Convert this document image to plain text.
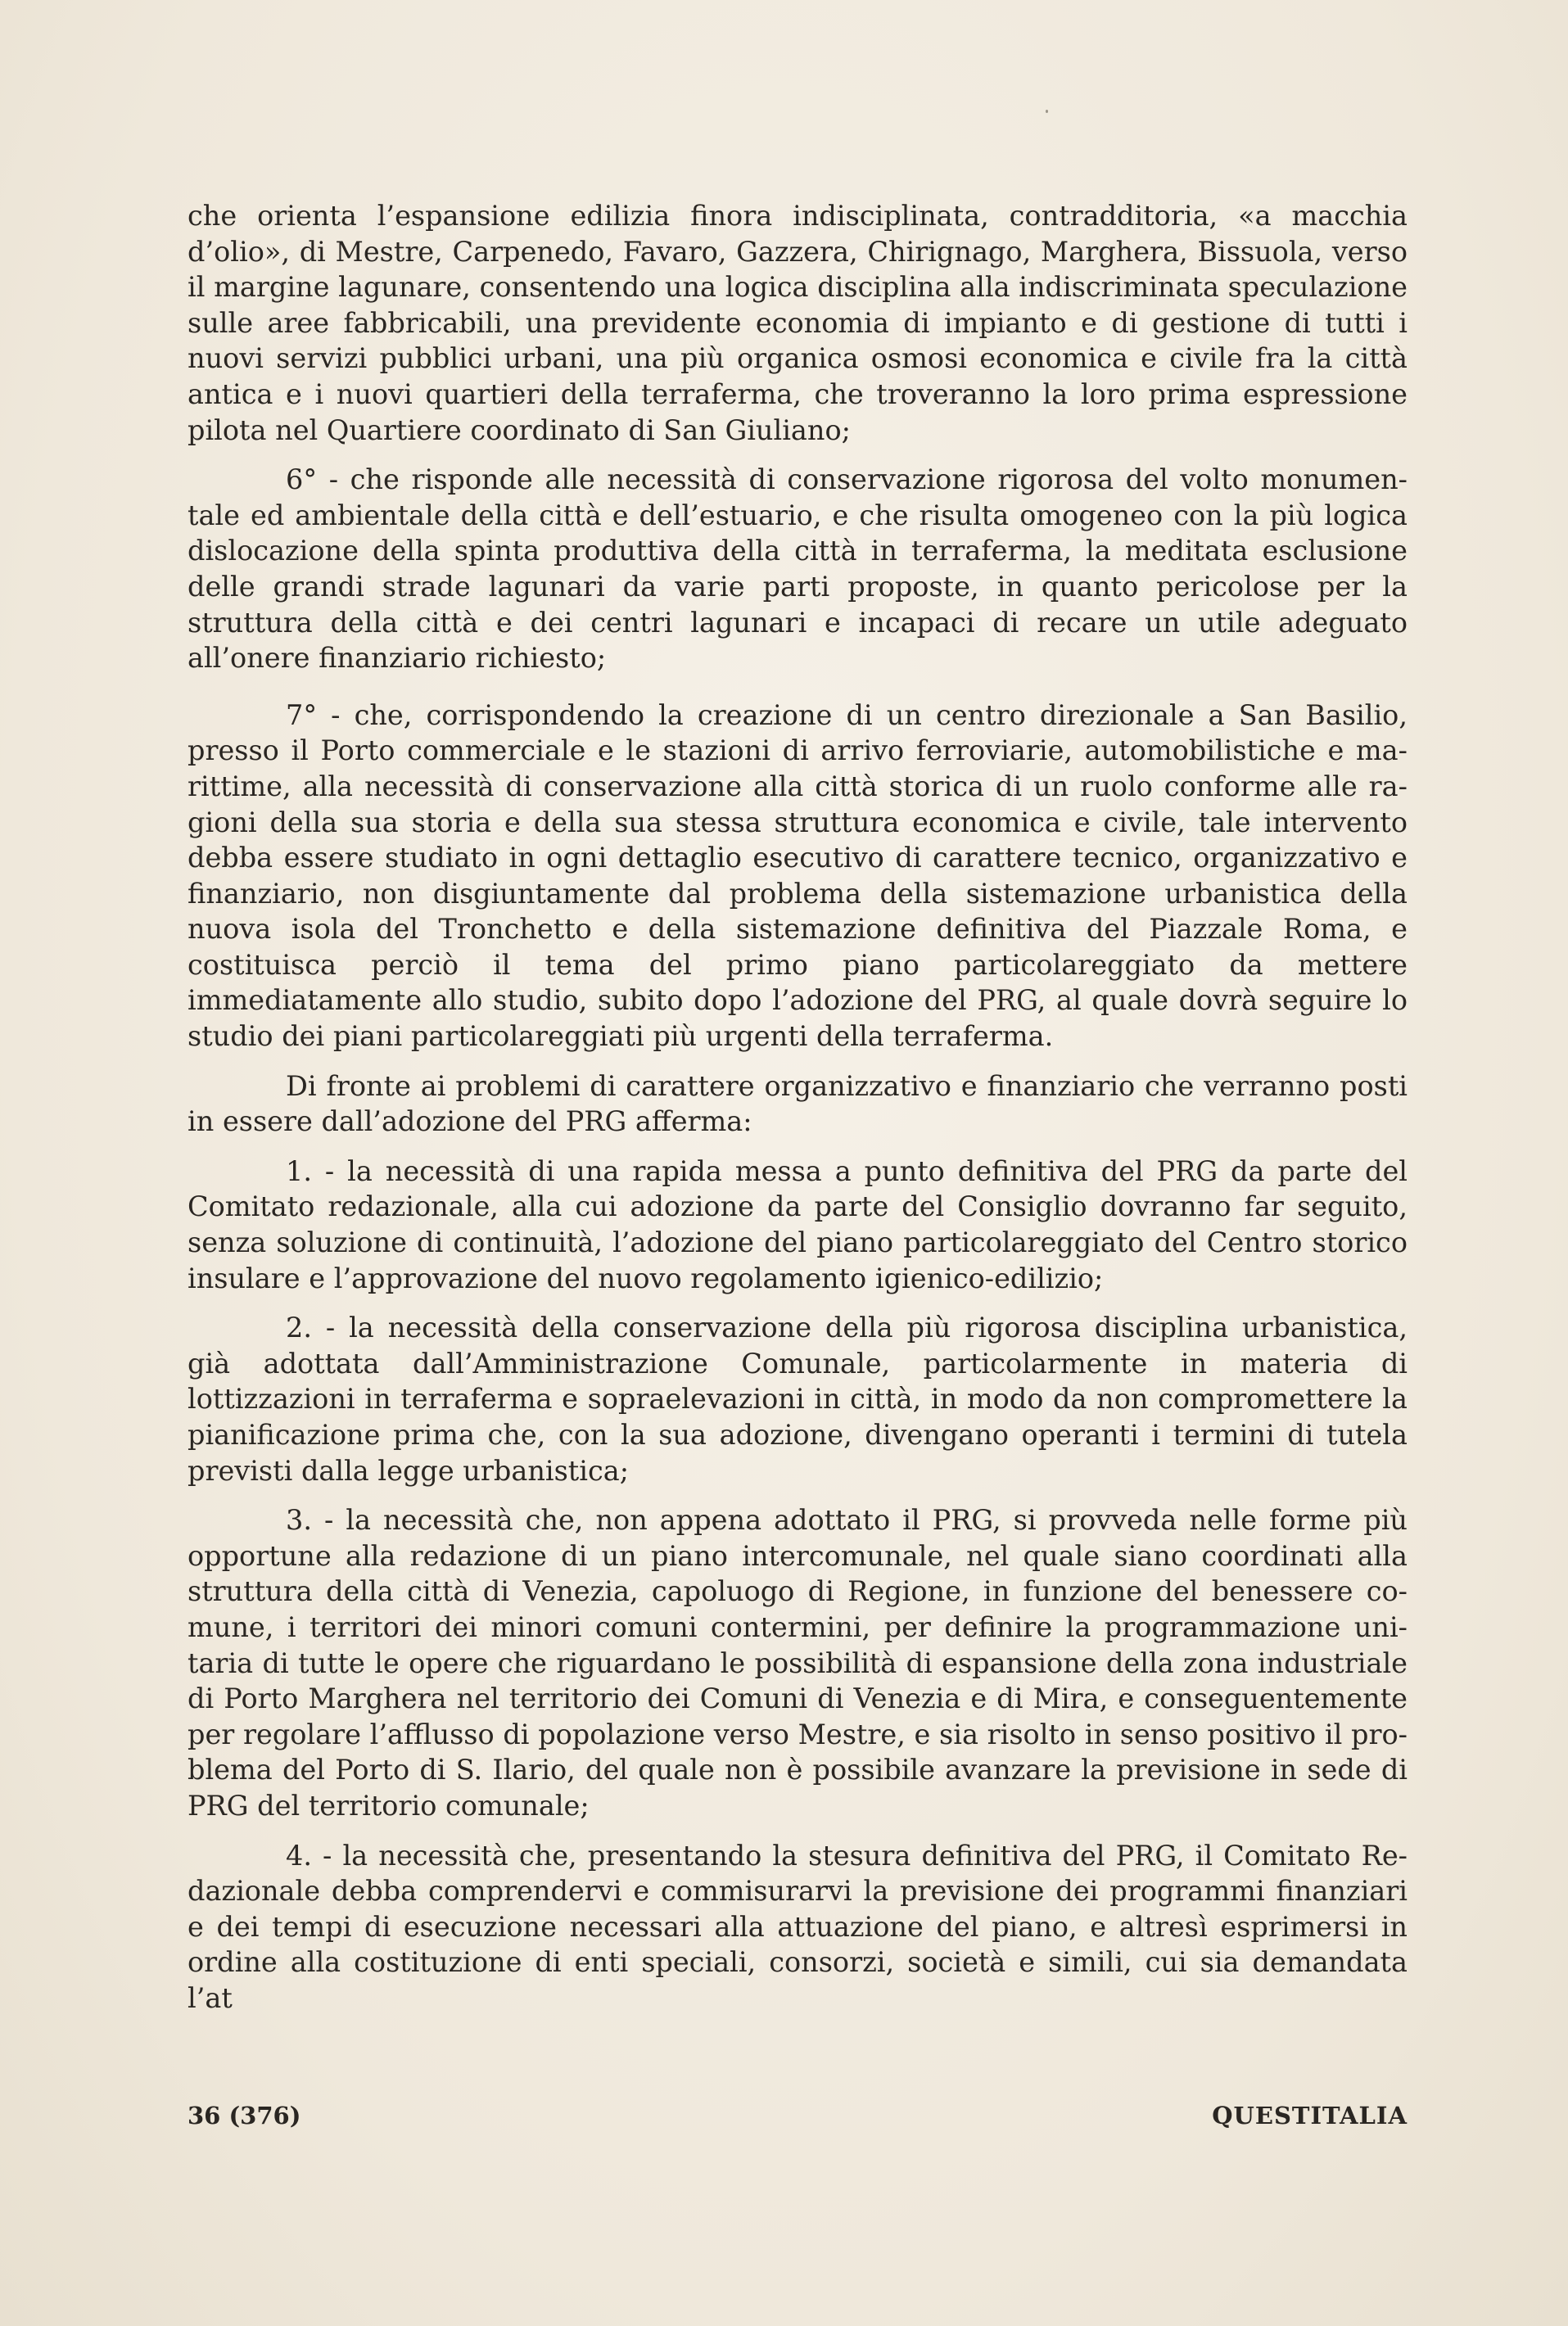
che orienta l’espansione edilizia finora indisciplinata, contradditoria, «a macchia d’olio», di Mestre, Carpenedo, Favaro, Gazzera, Chirignago, Marghera, Bissuola, verso il margine lagunare, consentendo una logica disciplina alla indiscriminata speculazione sulle aree fabbricabili, una previdente economia di impianto e di gestione di tutti i nuovi servizi pubblici urbani, una più organica osmosi economica e civile fra la città antica e i nuovi quartieri della terraferma, che troveranno la loro prima espressione pilota nel Quartiere coordinato di San Giuliano;

6° - che risponde alle necessità di conservazione rigorosa del volto monumentale ed ambientale della città e dell’estuario, e che risulta omogeneo con la più logica dislocazione della spinta produttiva della città in terraferma, la meditata esclusione delle grandi strade lagunari da varie parti proposte, in quanto pericolose per la struttura della città e dei centri lagunari e incapaci di recare un utile adeguato all’onere finanziario richiesto;

7° - che, corrispondendo la creazione di un centro direzionale a San Basilio, presso il Porto commerciale e le stazioni di arrivo ferroviarie, automobilistiche e marittime, alla necessità di conservazione alla città storica di un ruolo conforme alle ragioni della sua storia e della sua stessa struttura economica e civile, tale intervento debba essere studiato in ogni dettaglio esecutivo di carattere tecnico, organizzativo e finanziario, non disgiuntamente dal problema della sistemazione urbanistica della nuova isola del Tronchetto e della sistemazione definitiva del Piazzale Roma, e costituisca perciò il tema del primo piano particolareggiato da mettere immediatamente allo studio, subito dopo l’adozione del PRG, al quale dovrà seguire lo studio dei piani particolareggiati più urgenti della terraferma.

Di fronte ai problemi di carattere organizzativo e finanziario che verranno posti in essere dall’adozione del PRG afferma:

1. - la necessità di una rapida messa a punto definitiva del PRG da parte del Comitato redazionale, alla cui adozione da parte del Consiglio dovranno far seguito, senza soluzione di continuità, l’adozione del piano particolareggiato del Centro storico insulare e l’approvazione del nuovo regolamento igienico-edilizio;

2. - la necessità della conservazione della più rigorosa disciplina urbanistica, già adottata dall’Amministrazione Comunale, particolarmente in materia di lottizzazioni in terraferma e sopraelevazioni in città, in modo da non compromettere la pianificazione prima che, con la sua adozione, divengano operanti i termini di tutela previsti dalla legge urbanistica;

3. - la necessità che, non appena adottato il PRG, si provveda nelle forme più opportune alla redazione di un piano intercomunale, nel quale siano coordinati alla struttura della città di Venezia, capoluogo di Regione, in funzione del benessere comune, i territori dei minori comuni contermini, per definire la programmazione unitaria di tutte le opere che riguardano le possibilità di espansione della zona industriale di Porto Marghera nel territorio dei Comuni di Venezia e di Mira, e conseguentemente per regolare l’afflusso di popolazione verso Mestre, e sia risolto in senso positivo il problema del Porto di S. Ilario, del quale non è possibile avanzare la previsione in sede di PRG del territorio comunale;

4. - la necessità che, presentando la stesura definitiva del PRG, il Comitato Redazionale debba comprendervi e commisurarvi la previsione dei programmi finanziari e dei tempi di esecuzione necessari alla attuazione del piano, e altresì esprimersi in ordine alla costituzione di enti speciali, consorzi, società e simili, cui sia demandata l’at

36 (376)	QUESTITALIA
